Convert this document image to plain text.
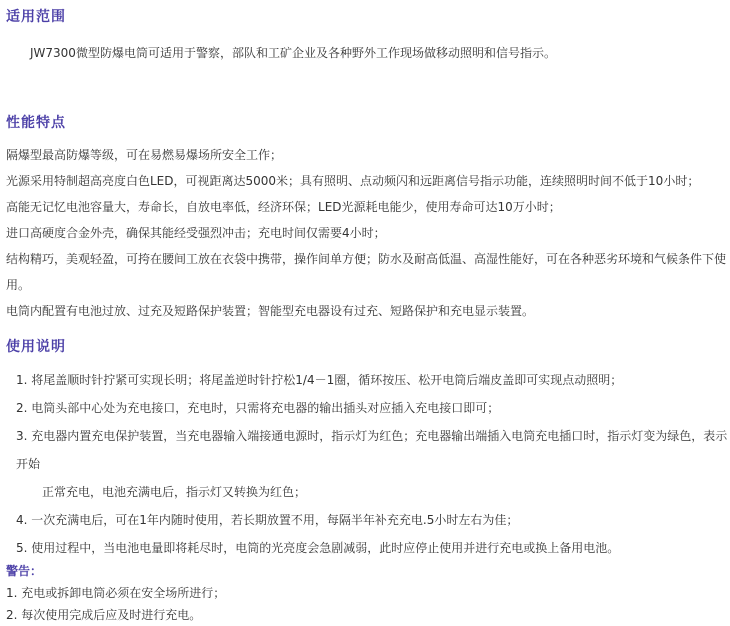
适用范围
JW7300微型防爆电筒可适用于警察，部队和工矿企业及各种野外工作现场做移动照明和信号指示。
性能特点
隔爆型最高防爆等级，可在易燃易爆场所安全工作；
光源采用特制超高亮度白色LED，可视距离达5000米；具有照明、点动频闪和远距离信号指示功能，连续照明时间不低于10小时；
高能无记忆电池容量大，寿命长，自放电率低，经济环保；LED光源耗电能少，使用寿命可达10万小时；
进口高硬度合金外壳，确保其能经受强烈冲击；充电时间仅需要4小时；
结构精巧，美观轻盈，可挎在腰间工放在衣袋中携带，操作间单方便；防水及耐高低温、高湿性能好，可在各种恶劣环境和气候条件下使用。
电筒内配置有电池过放、过充及短路保护装置；智能型充电器设有过充、短路保护和充电显示装置。
使用说明
1. 将尾盖顺时针拧紧可实现长明；将尾盖逆时针拧松1/4－1圈，循环按压、松开电筒后端皮盖即可实现点动照明；
2. 电筒头部中心处为充电接口，充电时，只需将充电器的输出插头对应插入充电接口即可；
3. 充电器内置充电保护装置，当充电器输入端接通电源时，指示灯为红色；充电器输出端插入电筒充电插口时，指示灯变为绿色，表示开始
正常充电，电池充满电后，指示灯又转换为红色；
4. 一次充满电后，可在1年内随时使用，若长期放置不用，每隔半年补充充电.5小时左右为佳；
5. 使用过程中，当电池电量即将耗尽时，电筒的光亮度会急剧减弱，此时应停止使用并进行充电或换上备用电池。
警告：
1. 充电或拆卸电筒必须在安全场所进行；
2. 每次使用完成后应及时进行充电。
